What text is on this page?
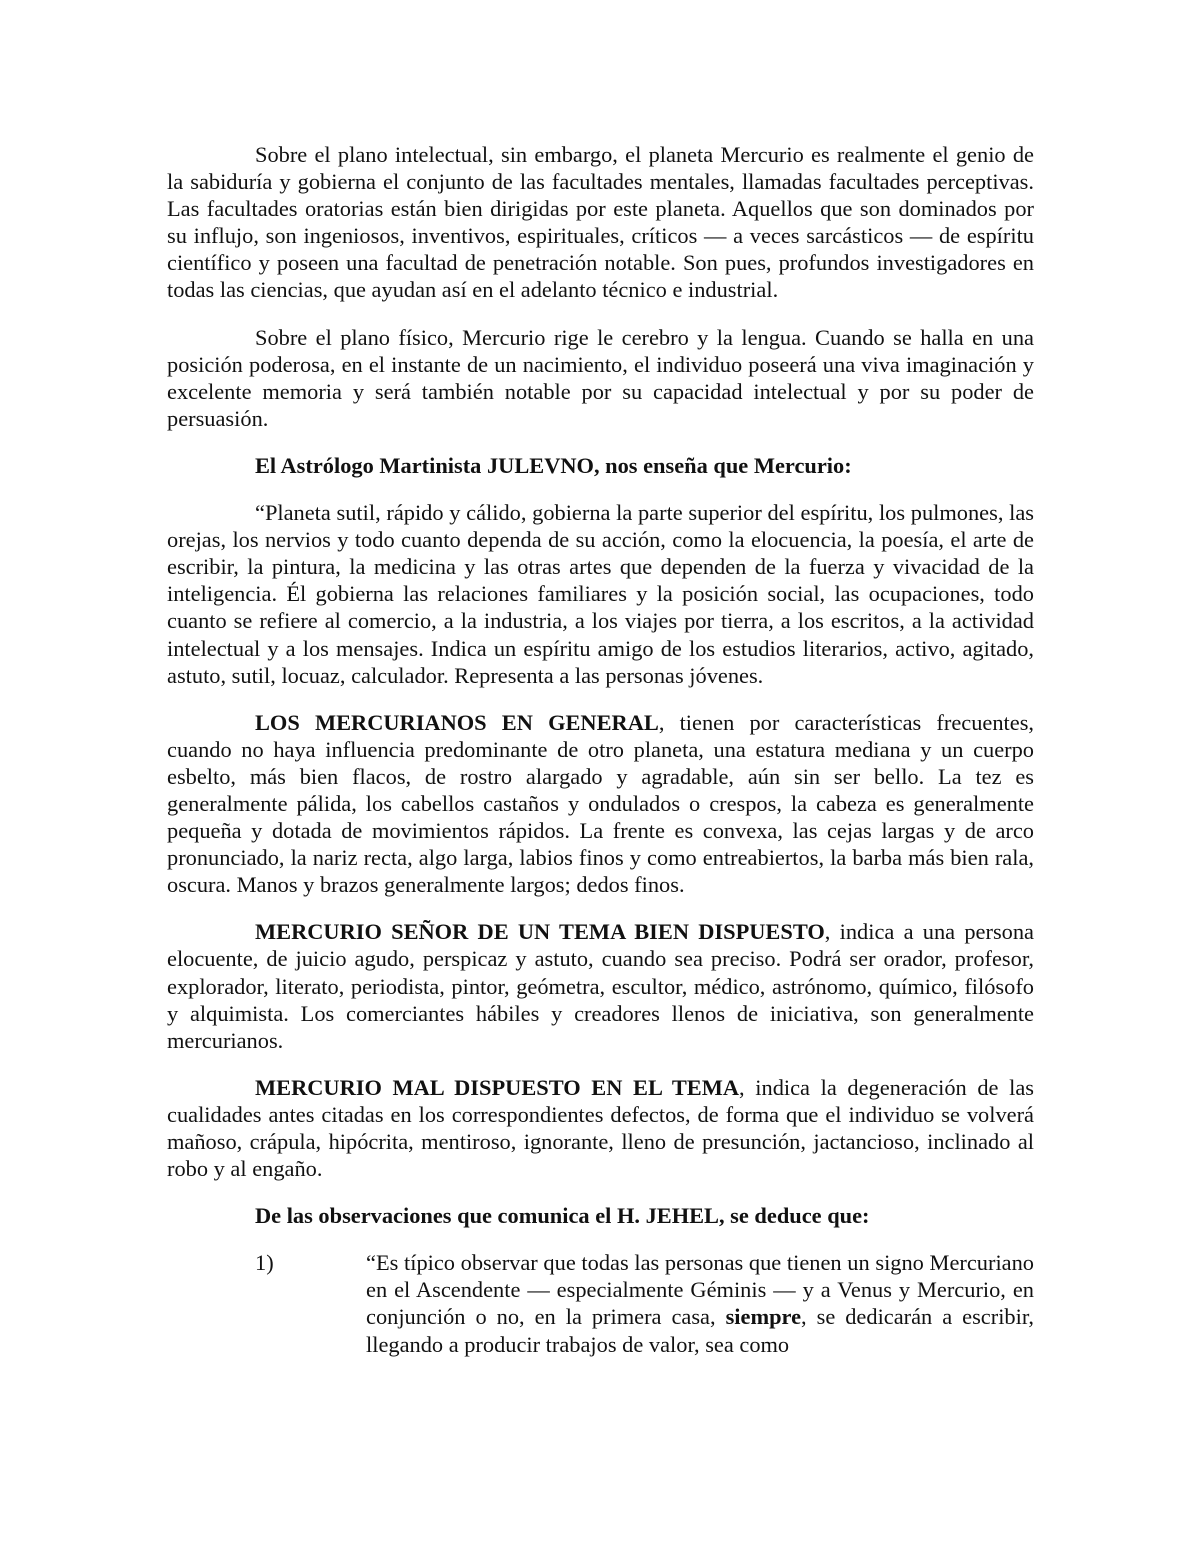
Sobre el plano intelectual, sin embargo, el planeta Mercurio es realmente el genio de la sabiduría y gobierna el conjunto de las facultades mentales, llamadas facultades perceptivas. Las facultades oratorias están bien dirigidas por este planeta. Aquellos que son dominados por su influjo, son ingeniosos, inventivos, espirituales, críticos — a veces sarcásticos — de espíritu científico y poseen una facultad de penetración notable. Son pues, profundos investigadores en todas las ciencias, que ayudan así en el adelanto técnico e industrial.

Sobre el plano físico, Mercurio rige le cerebro y la lengua. Cuando se halla en una posición poderosa, en el instante de un nacimiento, el individuo poseerá una viva imaginación y excelente memoria y será también notable por su capacidad intelectual y por su poder de persuasión.

El Astrólogo Martinista JULEVNO, nos enseña que Mercurio:

“Planeta sutil, rápido y cálido, gobierna la parte superior del espíritu, los pulmones, las orejas, los nervios y todo cuanto dependa de su acción, como la elocuencia, la poesía, el arte de escribir, la pintura, la medicina y las otras artes que dependen de la fuerza y vivacidad de la inteligencia. Él gobierna las relaciones familiares y la posición social, las ocupaciones, todo cuanto se refiere al comercio, a la industria, a los viajes por tierra, a los escritos, a la actividad intelectual y a los mensajes. Indica un espíritu amigo de los estudios literarios, activo, agitado, astuto, sutil, locuaz, calculador. Representa a las personas jóvenes.

LOS MERCURIANOS EN GENERAL, tienen por características frecuentes, cuando no haya influencia predominante de otro planeta, una estatura mediana y un cuerpo esbelto, más bien flacos, de rostro alargado y agradable, aún sin ser bello. La tez es generalmente pálida, los cabellos castaños y ondulados o crespos, la cabeza es generalmente pequeña y dotada de movimientos rápidos. La frente es convexa, las cejas largas y de arco pronunciado, la nariz recta, algo larga, labios finos y como entreabiertos, la barba más bien rala, oscura. Manos y brazos generalmente largos; dedos finos.

MERCURIO SEÑOR DE UN TEMA BIEN DISPUESTO, indica a una persona elocuente, de juicio agudo, perspicaz y astuto, cuando sea preciso. Podrá ser orador, profesor, explorador, literato, periodista, pintor, geómetra, escultor, médico, astrónomo, químico, filósofo y alquimista. Los comerciantes hábiles y creadores llenos de iniciativa, son generalmente mercurianos.

MERCURIO MAL DISPUESTO EN EL TEMA, indica la degeneración de las cualidades antes citadas en los correspondientes defectos, de forma que el individuo se volverá mañoso, crápula, hipócrita, mentiroso, ignorante, lleno de presunción, jactancioso, inclinado al robo y al engaño.

De las observaciones que comunica el H. JEHEL, se deduce que:

1)	“Es típico observar que todas las personas que tienen un signo Mercuriano en el Ascendente — especialmente Géminis — y a Venus y Mercurio, en conjunción o no, en la primera casa, siempre, se dedicarán a escribir, llegando a producir trabajos de valor, sea como
